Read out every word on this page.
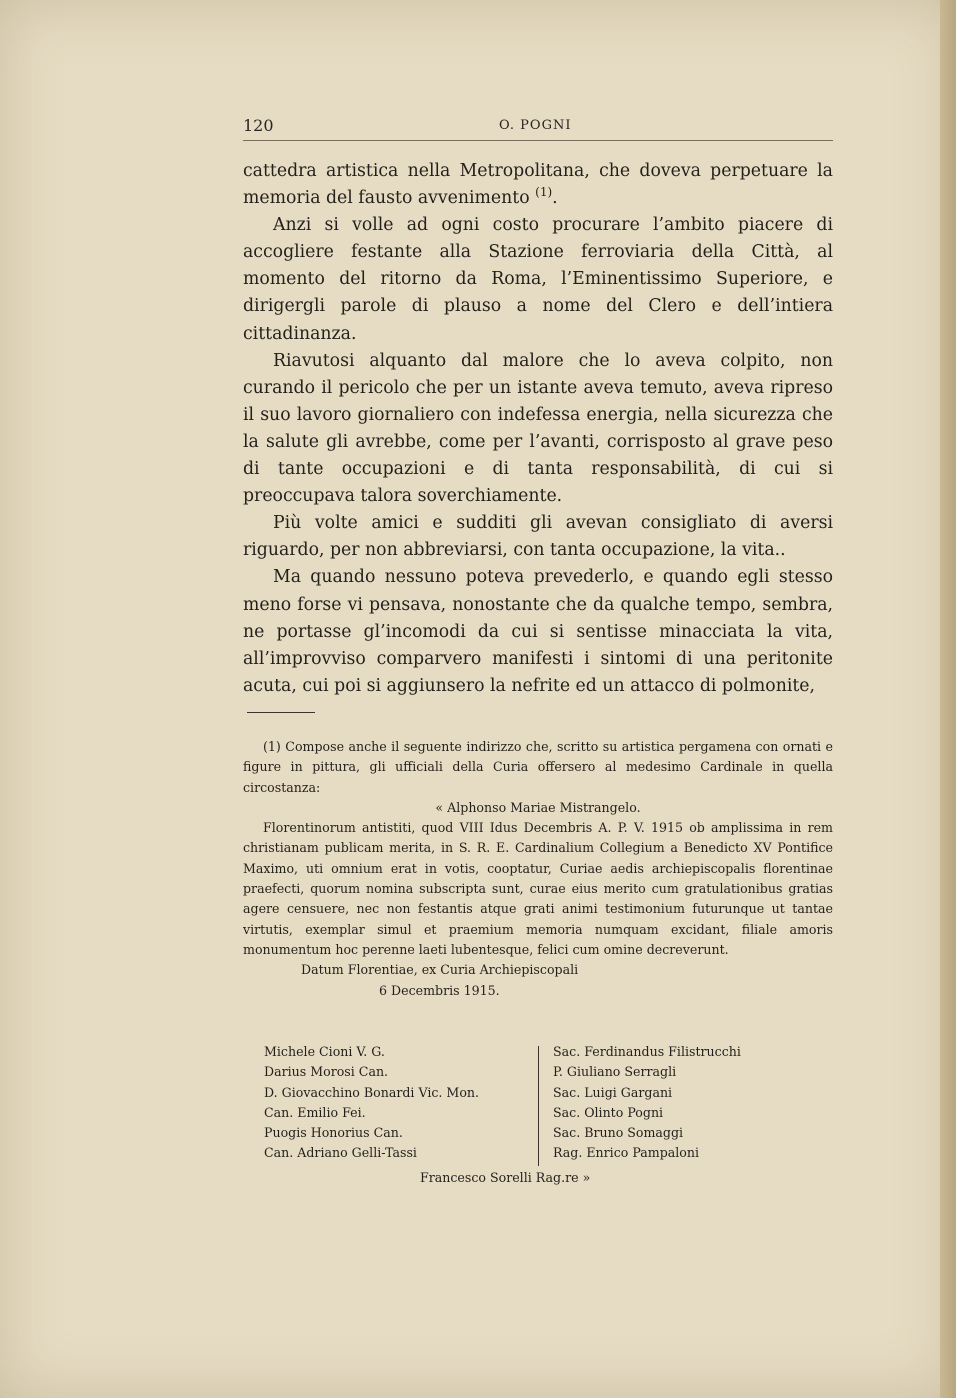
120	O. POGNI

cattedra artistica nella Metropolitana, che doveva perpetuare la memoria del fausto avvenimento $^{(1)}$.

Anzi si volle ad ogni costo procurare l’ambito piacere di accogliere festante alla Stazione ferroviaria della Città, al momento del ritorno da Roma, l’Eminentissimo Superiore, e dirigergli parole di plauso a nome del Clero e dell’intiera cittadinanza.

Riavutosi alquanto dal malore che lo aveva colpito, non curando il pericolo che per un istante aveva temuto, aveva ripreso il suo lavoro giornaliero con indefessa energia, nella sicurezza che la salute gli avrebbe, come per l’avanti, corrisposto al grave peso di tante occupazioni e di tanta responsabilità, di cui si preoccupava talora soverchiamente.

Più volte amici e sudditi gli avevan consigliato di aversi riguardo, per non abbreviarsi, con tanta occupazione, la vita..

Ma quando nessuno poteva prevederlo, e quando egli stesso meno forse vi pensava, nonostante che da qualche tempo, sembra, ne portasse gl’incomodi da cui si sentisse minacciata la vita, all’improvviso comparvero manifesti i sintomi di una peritonite acuta, cui poi si aggiunsero la nefrite ed un attacco di polmonite,

(1) Compose anche il seguente indirizzo che, scritto su artistica pergamena con ornati e figure in pittura, gli ufficiali della Curia offersero al medesimo Cardinale in quella circostanza:

« Alphonso Mariae Mistrangelo.

Florentinorum antistiti, quod VIII Idus Decembris A. P. V. 1915 ob amplissima in rem christianam publicam merita, in S. R. E. Cardinalium Collegium a Benedicto XV Pontifice Maximo, uti omnium erat in votis, cooptatur, Curiae aedis archiepiscopalis florentinae praefecti, quorum nomina subscripta sunt, curae eius merito cum gratulationibus gratias agere censuere, nec non festantis atque grati animi testimonium futurunque ut tantae virtutis, exemplar simul et praemium memoria numquam excidant, filiale amoris monumentum hoc perenne laeti lubentesque, felici cum omine decreverunt.

Datum Florentiae, ex Curia Archiepiscopali

6 Decembris 1915.

Michele Cioni V. G.
Darius Morosi Can.
D. Giovacchino Bonardi Vic. Mon.
Can. Emilio Fei.
Puogis Honorius Can.
Can. Adriano Gelli-Tassi
Sac. Ferdinandus Filistrucchi
P. Giuliano Serragli
Sac. Luigi Gargani
Sac. Olinto Pogni
Sac. Bruno Somaggi
Rag. Enrico Pampaloni
Francesco Sorelli Rag.re »
